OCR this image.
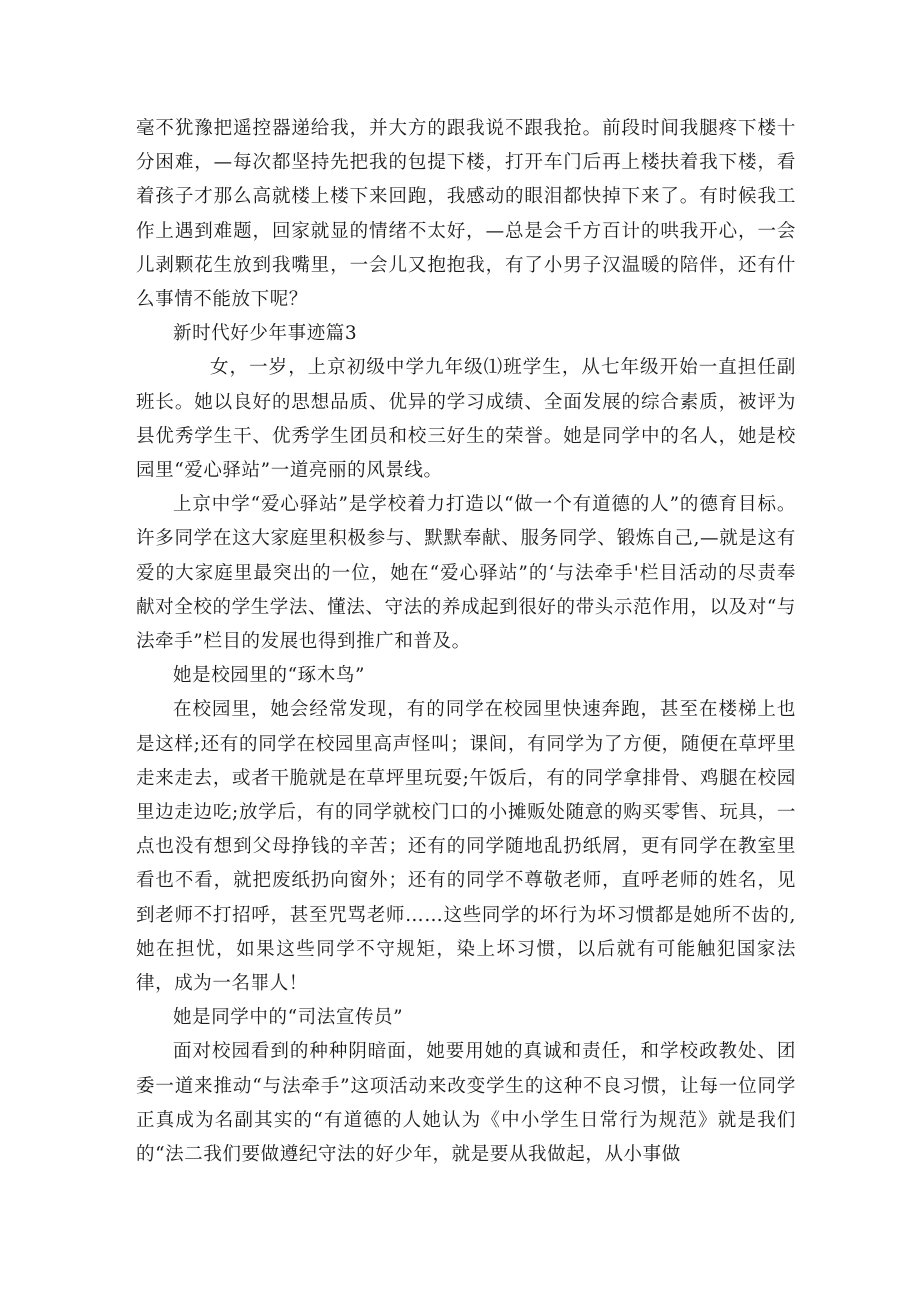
毫不犹豫把遥控器递给我，并大方的跟我说不跟我抢。前段时间我腿疼下楼十分困难，—每次都坚持先把我的包提下楼，打开车门后再上楼扶着我下楼，看着孩子才那么高就楼上楼下来回跑，我感动的眼泪都快掉下来了。有时候我工作上遇到难题，回家就显的情绪不太好，—总是会千方百计的哄我开心，一会儿剥颗花生放到我嘴里，一会儿又抱抱我，有了小男子汉温暖的陪伴，还有什么事情不能放下呢？

新时代好少年事迹篇3

女，一岁，上京初级中学九年级⑴班学生，从七年级开始一直担任副班长。她以良好的思想品质、优异的学习成绩、全面发展的综合素质，被评为县优秀学生干、优秀学生团员和校三好生的荣誉。她是同学中的名人，她是校园里“爱心驿站”一道亮丽的风景线。

上京中学“爱心驿站”是学校着力打造以“做一个有道德的人”的德育目标。许多同学在这大家庭里积极参与、默默奉献、服务同学、锻炼自己,—就是这有爱的大家庭里最突出的一位，她在“爱心驿站”的‘与法牵手'栏目活动的尽责奉献对全校的学生学法、懂法、守法的养成起到很好的带头示范作用，以及对“与法牵手”栏目的发展也得到推广和普及。

她是校园里的“琢木鸟”

在校园里，她会经常发现，有的同学在校园里快速奔跑，甚至在楼梯上也是这样;还有的同学在校园里高声怪叫；课间，有同学为了方便，随便在草坪里走来走去，或者干脆就是在草坪里玩耍;午饭后，有的同学拿排骨、鸡腿在校园里边走边吃;放学后，有的同学就校门口的小摊贩处随意的购买零售、玩具，一点也没有想到父母挣钱的辛苦；还有的同学随地乱扔纸屑，更有同学在教室里看也不看，就把废纸扔向窗外；还有的同学不尊敬老师，直呼老师的姓名，见到老师不打招呼，甚至咒骂老师……这些同学的坏行为坏习惯都是她所不齿的,她在担忧，如果这些同学不守规矩，染上坏习惯，以后就有可能触犯国家法律，成为一名罪人！

她是同学中的“司法宣传员”

面对校园看到的种种阴暗面，她要用她的真诚和责任，和学校政教处、团委一道来推动“与法牵手”这项活动来改变学生的这种不良习惯，让每一位同学正真成为名副其实的“有道德的人她认为《中小学生日常行为规范》就是我们的“法二我们要做遵纪守法的好少年，就是要从我做起，从小事做
